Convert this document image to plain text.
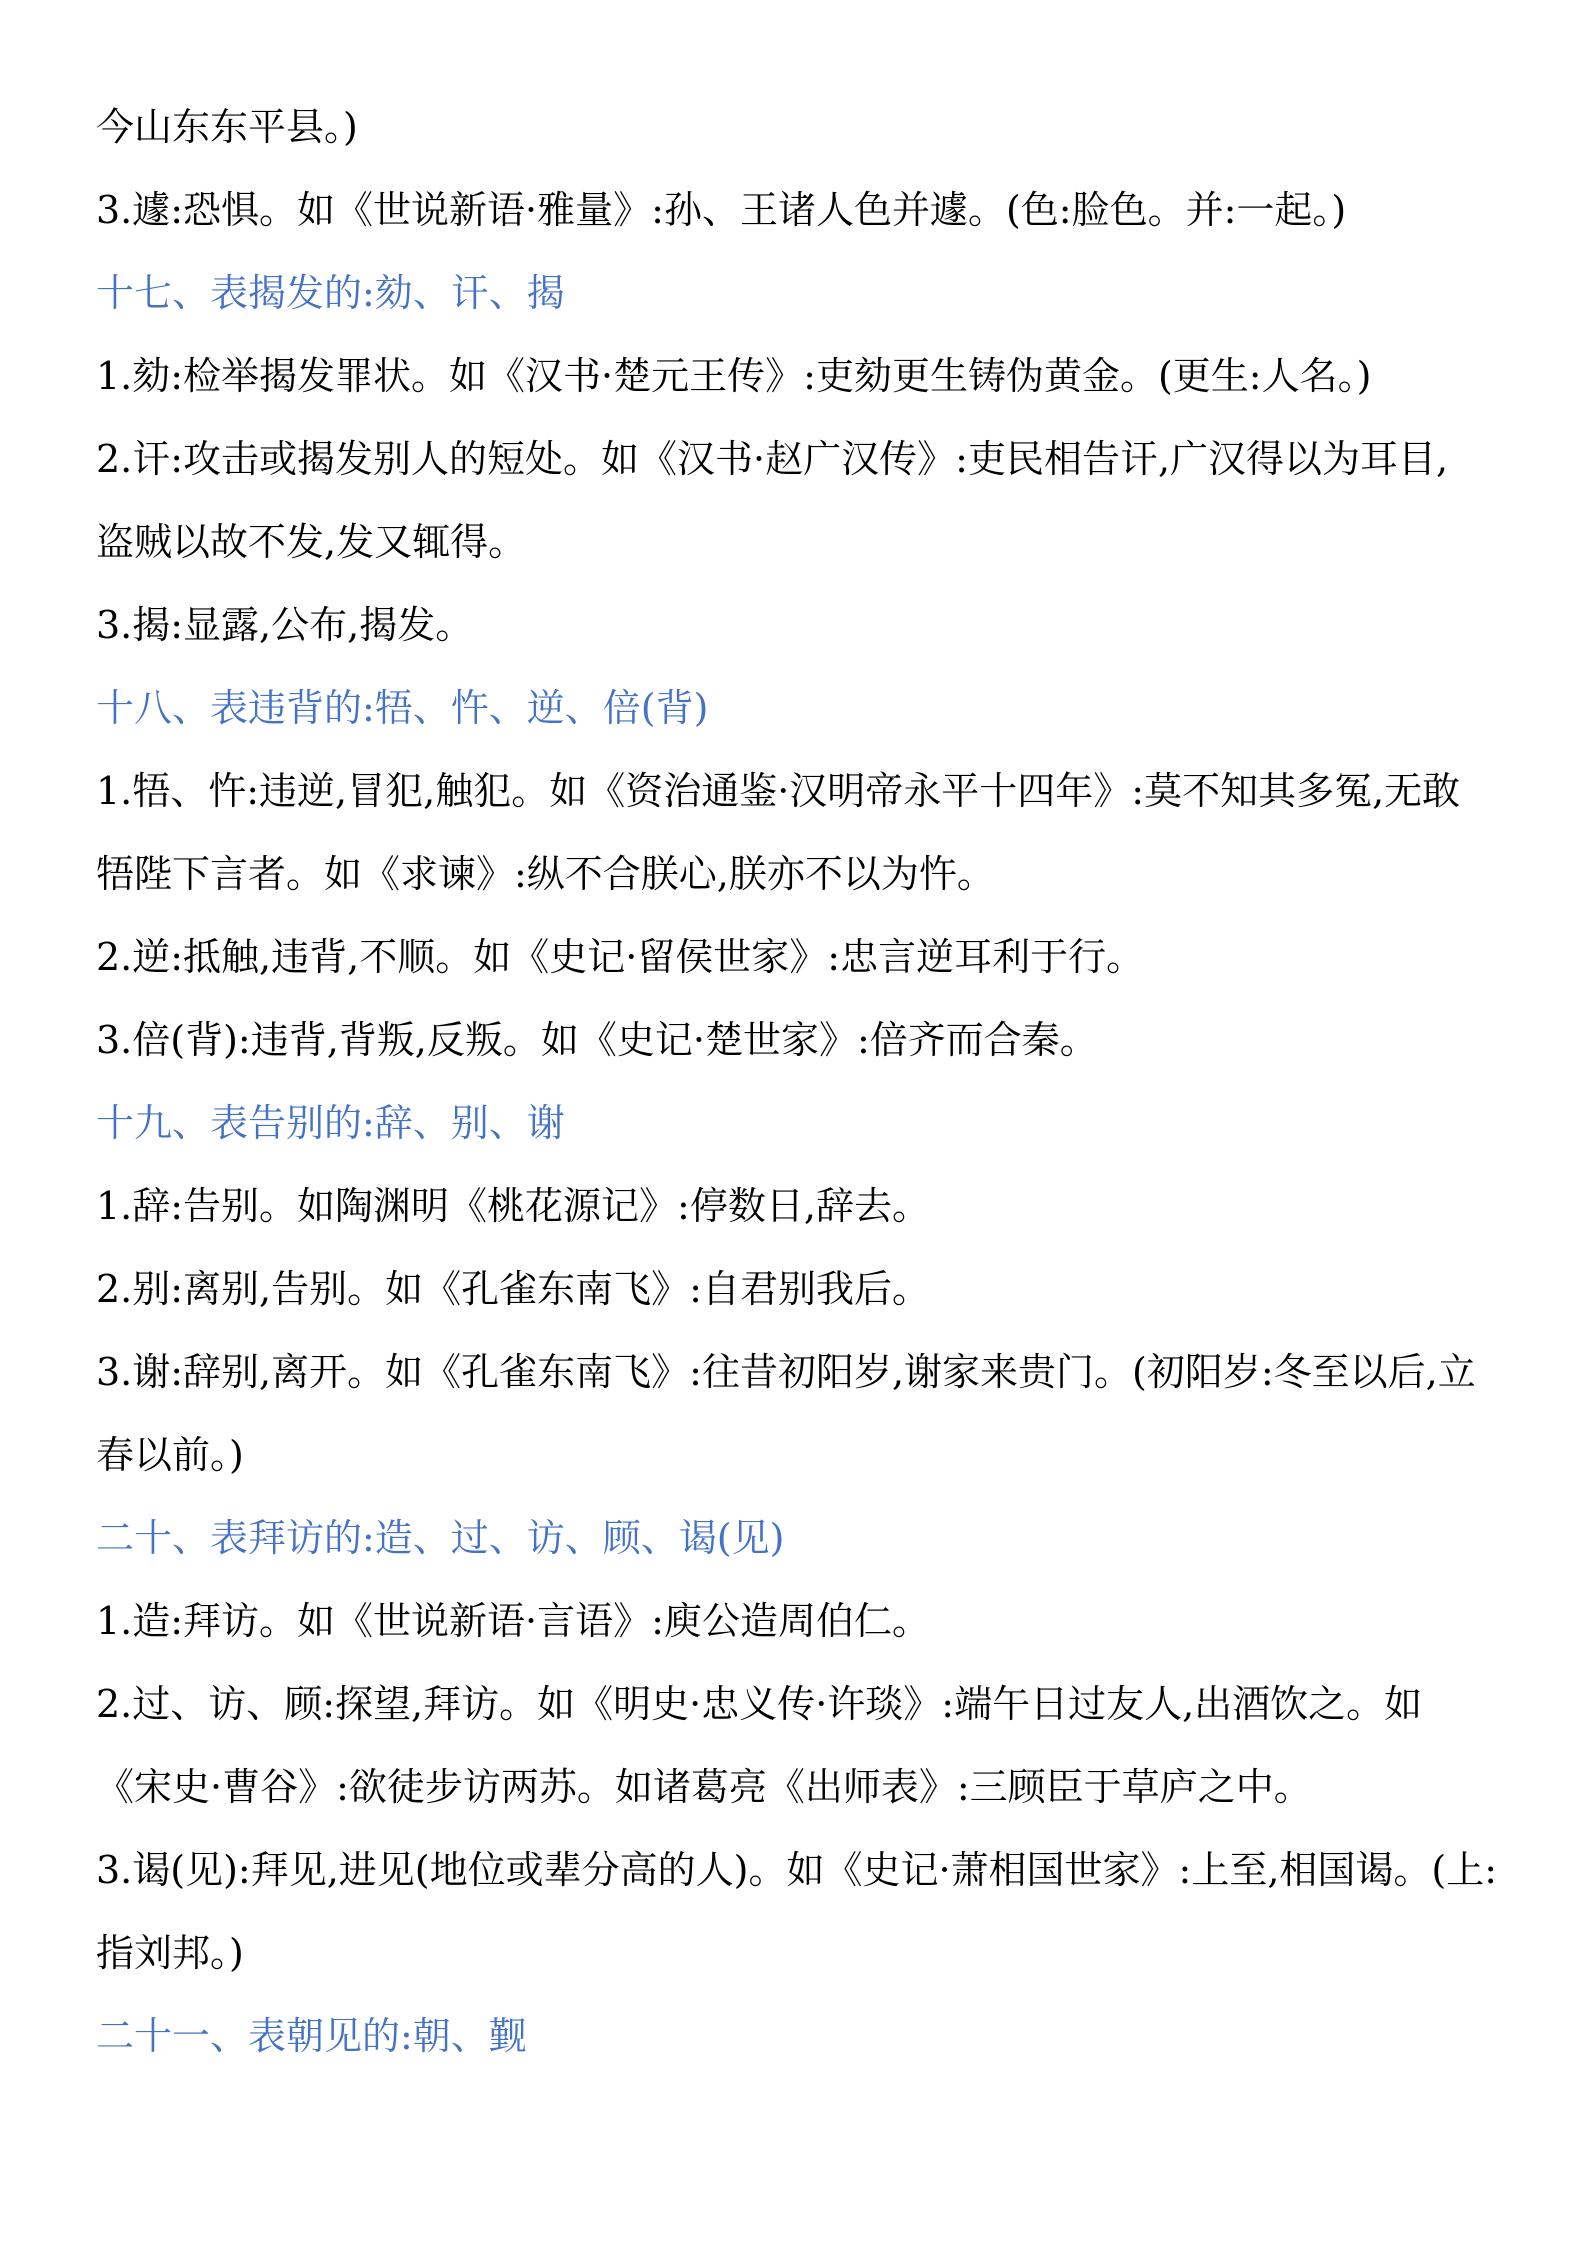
今山东东平县。)
3.遽:恐惧。如《世说新语·雅量》:孙、王诸人色并遽。(色:脸色。并:一起。)
十七、表揭发的:劾、讦、揭
1.劾:检举揭发罪状。如《汉书·楚元王传》:吏劾更生铸伪黄金。(更生:人名。)
2.讦:攻击或揭发别人的短处。如《汉书·赵广汉传》:吏民相告讦,广汉得以为耳目,
盗贼以故不发,发又辄得。
3.揭:显露,公布,揭发。
十八、表违背的:牾、忤、逆、倍(背)
1.牾、忤:违逆,冒犯,触犯。如《资治通鉴·汉明帝永平十四年》:莫不知其多冤,无敢
牾陛下言者。如《求谏》:纵不合朕心,朕亦不以为忤。
2.逆:抵触,违背,不顺。如《史记·留侯世家》:忠言逆耳利于行。
3.倍(背):违背,背叛,反叛。如《史记·楚世家》:倍齐而合秦。
十九、表告别的:辞、别、谢
1.辞:告别。如陶渊明《桃花源记》:停数日,辞去。
2.别:离别,告别。如《孔雀东南飞》:自君别我后。
3.谢:辞别,离开。如《孔雀东南飞》:往昔初阳岁,谢家来贵门。(初阳岁:冬至以后,立
春以前。)
二十、表拜访的:造、过、访、顾、谒(见)
1.造:拜访。如《世说新语·言语》:庾公造周伯仁。
2.过、访、顾:探望,拜访。如《明史·忠义传·许琰》:端午日过友人,出酒饮之。如
《宋史·曹谷》:欲徒步访两苏。如诸葛亮《出师表》:三顾臣于草庐之中。
3.谒(见):拜见,进见(地位或辈分高的人)。如《史记·萧相国世家》:上至,相国谒。(上:
指刘邦。)
二十一、表朝见的:朝、觐
